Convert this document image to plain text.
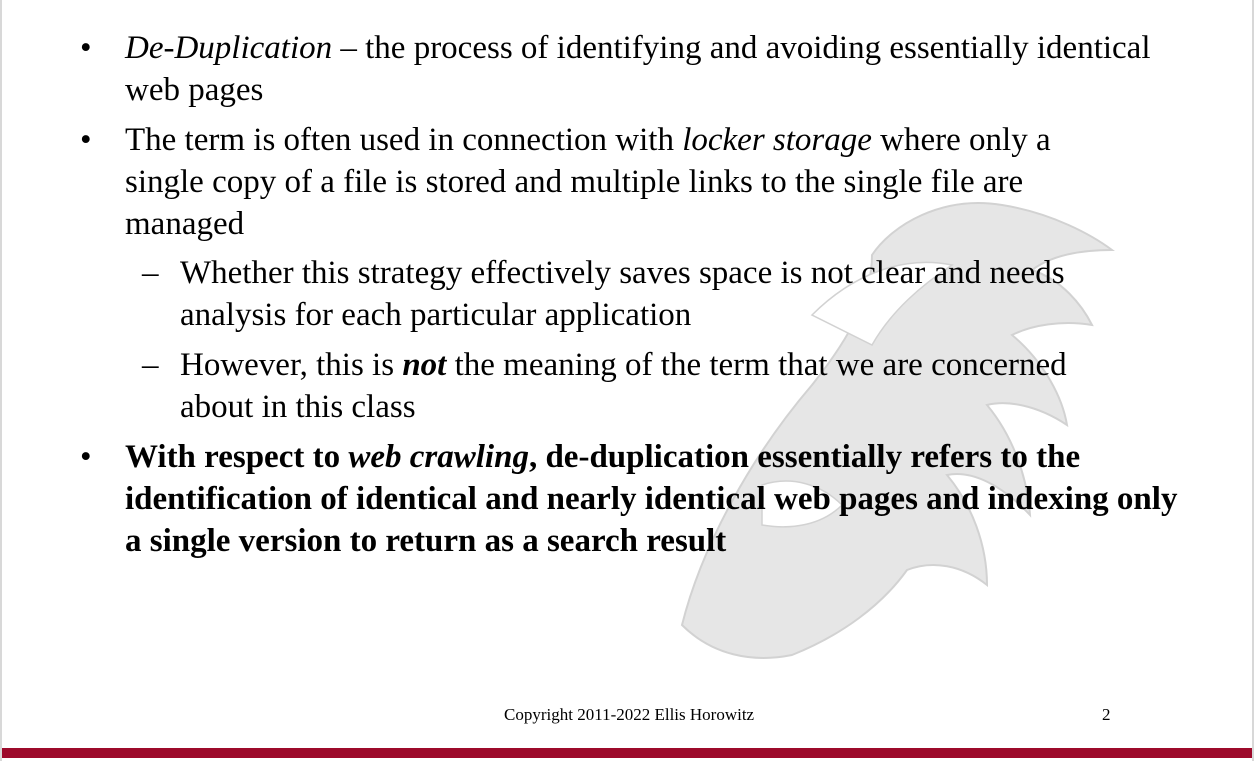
• De-Duplication – the process of identifying and avoiding essentially identical web pages
• The term is often used in connection with locker storage where only a single copy of a file is stored and multiple links to the single file are managed
– Whether this strategy effectively saves space is not clear and needs analysis for each particular application
– However, this is not the meaning of the term that we are concerned about in this class
• With respect to web crawling, de-duplication essentially refers to the identification of identical and nearly identical web pages and indexing only a single version to return as a search result
Copyright 2011-2022 Ellis Horowitz	2
